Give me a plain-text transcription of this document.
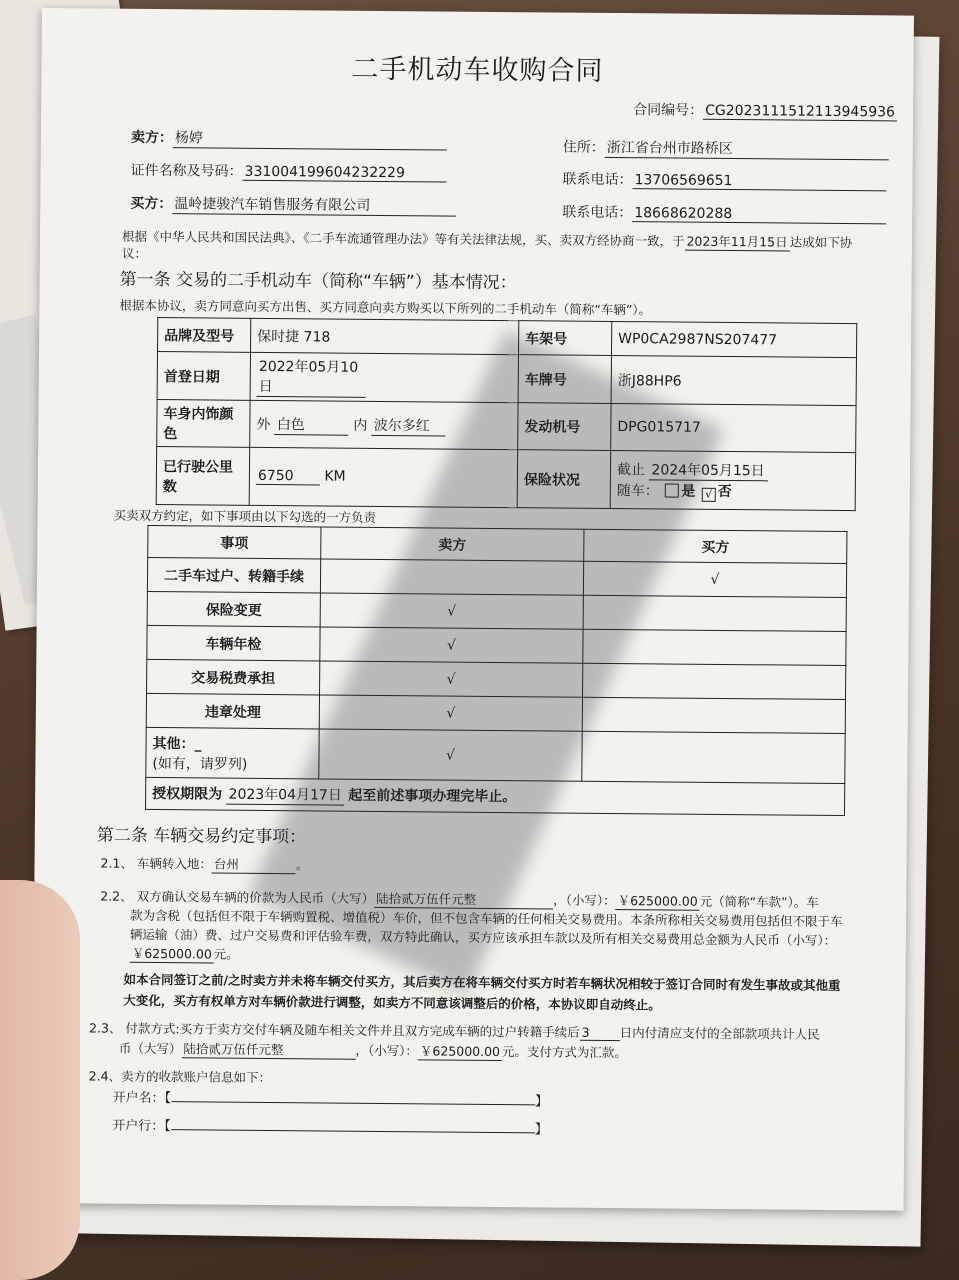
二手机动车收购合同
合同编号： CG2023111512113945936
卖方： 杨婷
住所： 浙江省台州市路桥区
证件名称及号码： 331004199604232229	联系电话： 13706569651
买方： 温岭捷骏汽车销售服务有限公司	联系电话： 18668620288
根据《中华人民共和国民法典》、《二手车流通管理办法》等有关法律法规，买、卖双方经协商一致，于 2023年11月15日 达成如下协
议：
第一条 交易的二手机动车（简称“车辆”）基本情况：
根据本协议，卖方同意向买方出售、买方同意向卖方购买以下所列的二手机动车（简称“车辆”）。
品牌及型号	保时捷 718	车架号	WP0CA2987NS207477
首登日期	2022年05月10日	车牌号	浙J88HP6
车身内饰颜色	外 白色 内 波尔多红	发动机号	DPG015717
已行驶公里数	6750 KM	保险状况	截止 2024年05月15日
随车： 是 √ 否
买卖双方约定，如下事项由以下勾选的一方负责
事项	卖方	买方
二手车过户、转籍手续		√
保险变更	√	
车辆年检	√	
交易税费承担	√	
违章处理	√	

其他：_
(如有，请罗列)	√	
授权期限为 2023年04月17日 起至前述事项办理完毕止。		
第二条 车辆交易约定事项：
2.1、 车辆转入地： 台州	。
2.2、 双方确认交易车辆的价款为人民币（大写） 陆拾贰万伍仟元整	，（小写）： ￥625000.00 元（简称“车款”）。车
款为含税（包括但不限于车辆购置税、增值税）车价，但不包含车辆的任何相关交易费用。本条所称相关交易费用包括但不限于车
辆运输（油）费、过户交易费和评估验车费，双方特此确认，买方应该承担车款以及所有相关交易费用总金额为人民币（小写）：
￥625000.00 元。
如本合同签订之前/之时卖方并未将车辆交付买方，其后卖方在将车辆交付买方时若车辆状况相较于签订合同时有发生事故或其他重
大变化，买方有权单方对车辆价款进行调整，如卖方不同意该调整后的价格，本协议即自动终止。
2.3、 付款方式:买方于卖方交付车辆及随车相关文件并且双方完成车辆的过户转籍手续后 3 日内付清应支付的全部款项共计人民
币（大写） 陆拾贰万伍仟元整	，（小写）： ￥625000.00 元。支付方式为汇款。
2.4、卖方的收款账户信息如下：
开户名：【	】
开户行：【	】
